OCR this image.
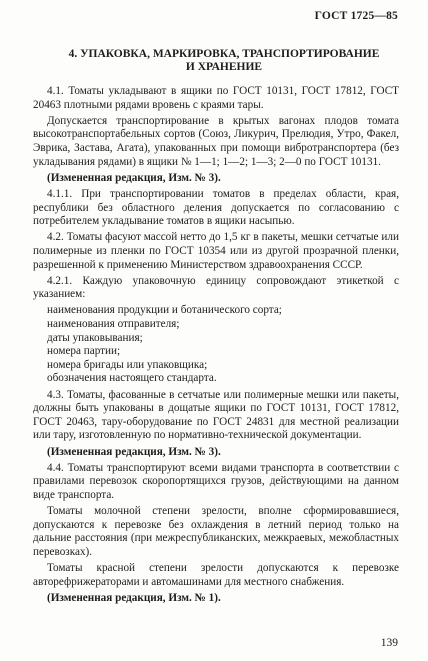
ГОСТ 1725—85
4. УПАКОВКА, МАРКИРОВКА, ТРАНСПОРТИРОВАНИЕ
И ХРАНЕНИЕ

4.1. Томаты укладывают в ящики по ГОСТ 10131, ГОСТ 17812, ГОСТ 20463 плотными рядами вровень с краями тары.

Допускается транспортирование в крытых вагонах плодов томата высокотранспортабельных сортов (Союз, Ликурич, Прелюдия, Утро, Факел, Эврика, Застава, Агата), упакованных при помощи вибротранспортера (без укладывания рядами) в ящики № 1—1; 1—2; 1—3; 2—0 по ГОСТ 10131.

(Измененная редакция, Изм. № 3).

4.1.1. При транспортировании томатов в пределах области, края, республики без областного деления допускается по согласованию с потребителем укладывание томатов в ящики насыпью.

4.2. Томаты фасуют массой нетто до 1,5 кг в пакеты, мешки сетчатые или полимерные из пленки по ГОСТ 10354 или из другой прозрачной пленки, разрешенной к применению Министерством здравоохранения СССР.

4.2.1. Каждую упаковочную единицу сопровождают этикеткой с указанием:

наименования продукции и ботанического сорта;

наименования отправителя;

даты упаковывания;

номера партии;

номера бригады или упаковщика;

обозначения настоящего стандарта.

4.3. Томаты, фасованные в сетчатые или полимерные мешки или пакеты, должны быть упакованы в дощатые ящики по ГОСТ 10131, ГОСТ 17812, ГОСТ 20463, тару-оборудование по ГОСТ 24831 для местной реализации или тару, изготовленную по нормативно-технической документации.

(Измененная редакция, Изм. № 3).

4.4. Томаты транспортируют всеми видами транспорта в соответствии с правилами перевозок скоропортящихся грузов, действующими на данном виде транспорта.

Томаты молочной степени зрелости, вполне сформировавшиеся, допускаются к перевозке без охлаждения в летний период только на дальние расстояния (при межреспубликанских, межкраевых, межобластных перевозках).

Томаты красной степени зрелости допускаются к перевозке авторефрижераторами и автомашинами для местного снабжения.

(Измененная редакция, Изм. № 1).

139
